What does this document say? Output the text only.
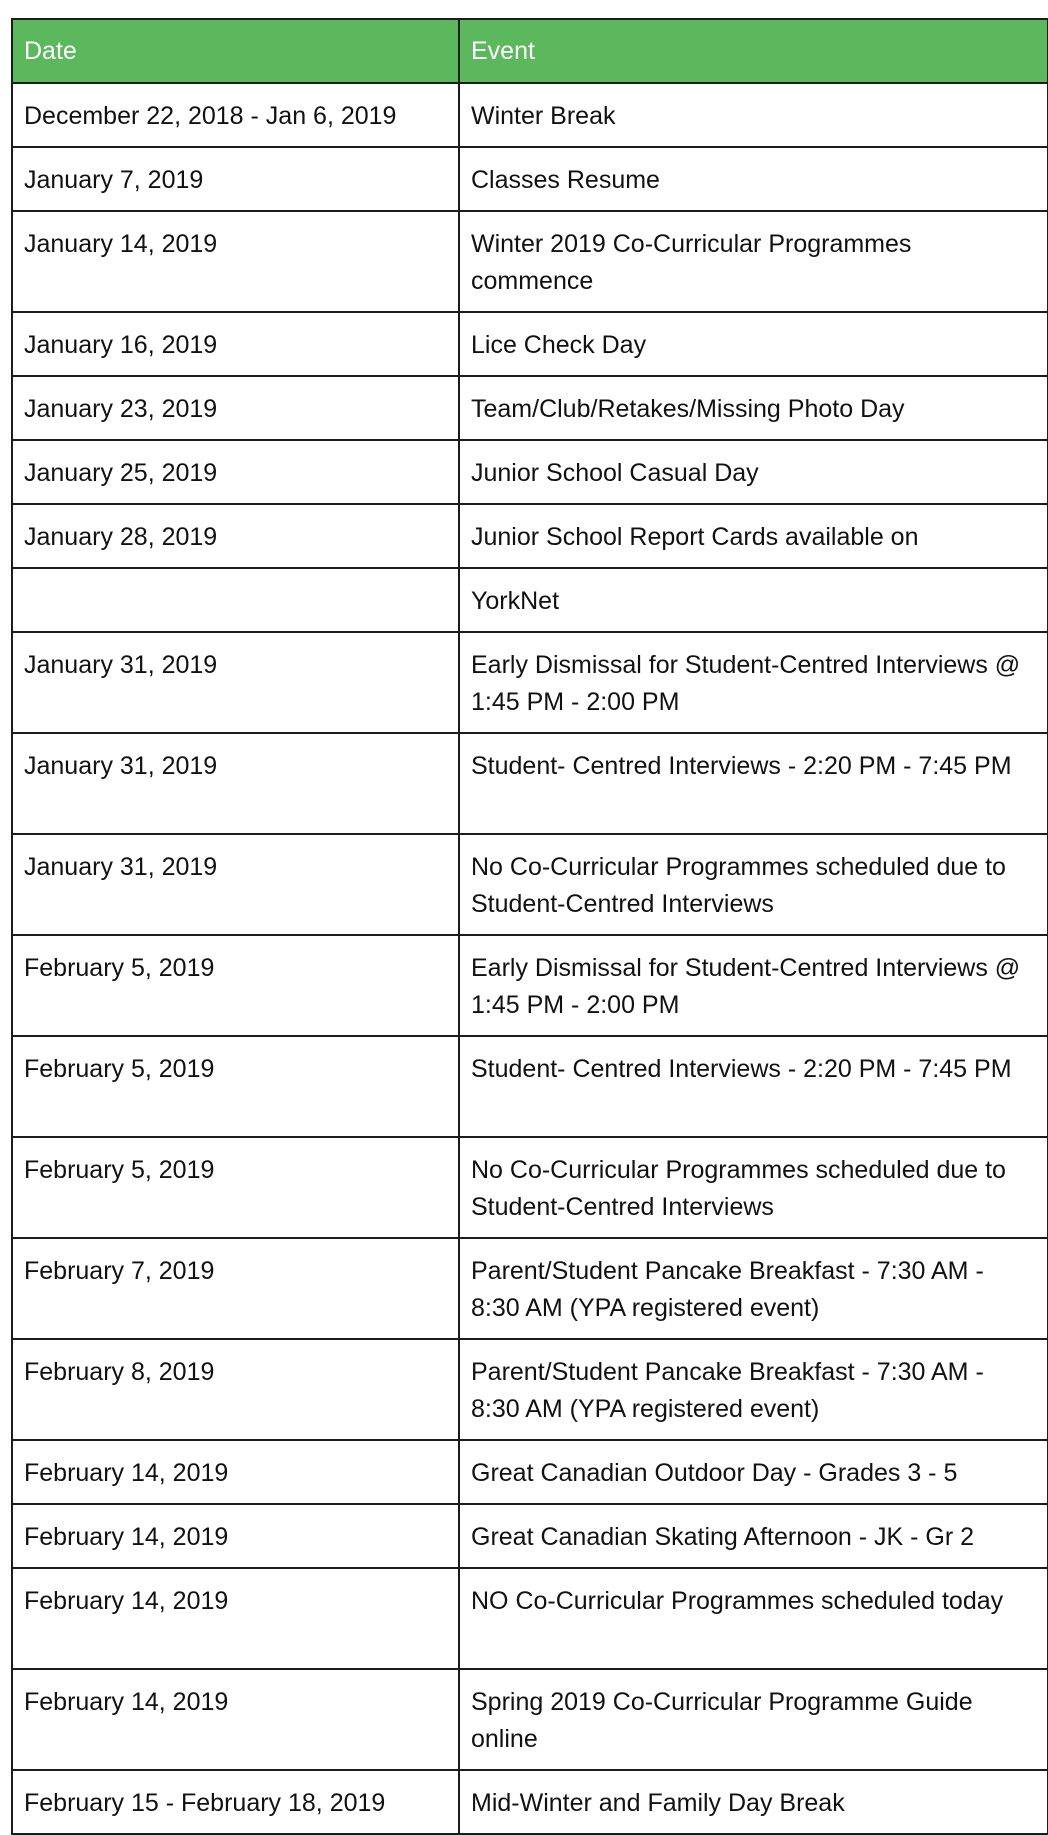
Date	Event
December 22, 2018 - Jan 6, 2019	Winter Break
January 7, 2019	Classes Resume
January 14, 2019	Winter 2019 Co-Curricular Programmes commence
January 16, 2019	Lice Check Day
January 23, 2019	Team/Club/Retakes/Missing Photo Day
January 25, 2019	Junior School Casual Day
January 28, 2019	Junior School Report Cards available on
	YorkNet
January 31, 2019	Early Dismissal for Student-Centred Interviews @ 1:45 PM - 2:00 PM
January 31, 2019	Student- Centred Interviews - 2:20 PM - 7:45 PM
January 31, 2019	No Co-Curricular Programmes scheduled due to Student-Centred Interviews
February 5, 2019	Early Dismissal for Student-Centred Interviews @ 1:45 PM - 2:00 PM
February 5, 2019	Student- Centred Interviews - 2:20 PM - 7:45 PM
February 5, 2019	No Co-Curricular Programmes scheduled due to Student-Centred Interviews
February 7, 2019	Parent/Student Pancake Breakfast - 7:30 AM - 8:30 AM (YPA registered event)
February 8, 2019	Parent/Student Pancake Breakfast - 7:30 AM - 8:30 AM (YPA registered event)
February 14, 2019	Great Canadian Outdoor Day - Grades 3 - 5
February 14, 2019	Great Canadian Skating Afternoon - JK - Gr 2
February 14, 2019	NO Co-Curricular Programmes scheduled today
February 14, 2019	Spring 2019 Co-Curricular Programme Guide online
February 15 - February 18, 2019	Mid-Winter and Family Day Break
